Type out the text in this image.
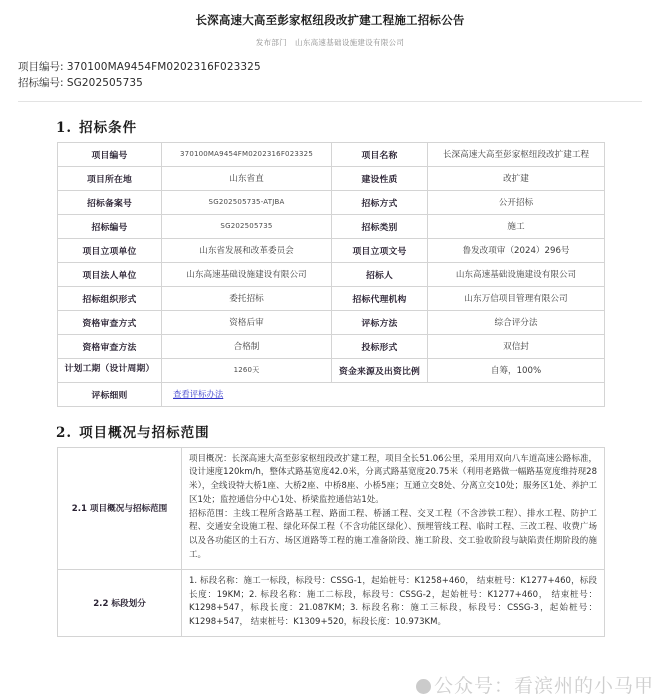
长深高速大高至彭家枢纽段改扩建工程施工招标公告
发布部门 山东高速基础设施建设有限公司
项目编号: 370100MA9454FM0202316F023325
招标编号: SG202505735
1. 招标条件
项目编号	370100MA9454FM0202316F023325	项目名称	长深高速大高至彭家枢纽段改扩建工程
项目所在地	山东省直	建设性质	改扩建
招标备案号	SG202505735-ATJBA	招标方式	公开招标
招标编号	SG202505735	招标类别	施工
项目立项单位	山东省发展和改革委员会	项目立项文号	鲁发改项审（2024）296号
项目法人单位	山东高速基础设施建设有限公司	招标人	山东高速基础设施建设有限公司
招标组织形式	委托招标	招标代理机构	山东万信项目管理有限公司
资格审查方式	资格后审	评标方法	综合评分法
资格审查方法	合格制	投标形式	双信封
计划工期（设计周期）	1260天	资金来源及出资比例	自筹，100%
评标细则	查看评标办法		
2. 项目概况与招标范围
2.1 项目概况与招标范围	项目概况：长深高速大高至彭家枢纽段改扩建工程，项目全长51.06公里，采用用双向八车道高速公路标准，设计速度120km/h，整体式路基宽度42.0米，分离式路基宽度20.75米（利用老路做一幅路基宽度维持现28米），全线设特大桥1座、大桥2座、中桥8座、小桥5座；互通立交8处、分离立交10处；服务区1处、养护工区1处；监控通信分中心1处、桥梁监控通信站1处。
招标范围：主线工程所含路基工程、路面工程、桥涵工程、交叉工程（不含涉铁工程）、排水工程、防护工程、交通安全设施工程、绿化环保工程（不含功能区绿化）、预埋管线工程、临时工程、三改工程、收费广场以及各功能区的土石方、场区道路等工程的施工准备阶段、施工阶段、交工验收阶段与缺陷责任期阶段的施工。

2.2 标段划分	1. 标段名称：施工一标段，标段号：CSSG-1，起始桩号：K1258+460， 结束桩号：K1277+460，标段长度：19KM；2. 标段名称：施工二标段，标段号：CSSG-2，起始桩号：K1277+460， 结束桩号：K1298+547，标段长度：21.087KM；3. 标段名称：施工三标段，标段号：CSSG-3，起始桩号：K1298+547， 结束桩号：K1309+520，标段长度：10.973KM。
公众号：看滨州的小马甲
